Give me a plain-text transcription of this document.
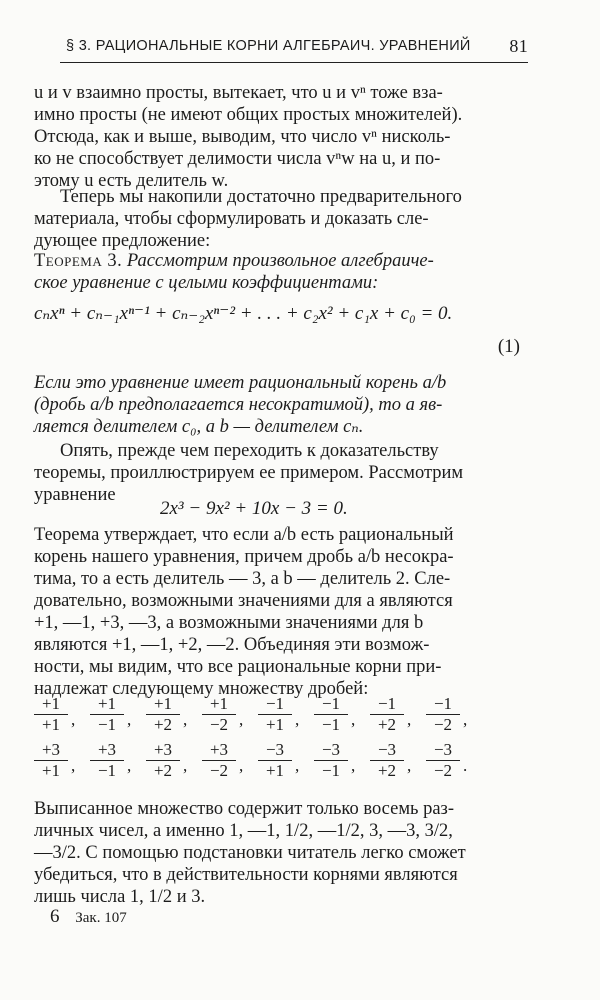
§ 3. РАЦИОНАЛЬНЫЕ КОРНИ АЛГЕБРАИЧ. УРАВНЕНИЙ 81
u и v взаимно просты, вытекает, что u и vⁿ тоже вза-
имно просты (не имеют общих простых множителей).
Отсюда, как и выше, выводим, что число vⁿ нисколь-
ко не способствует делимости числа vⁿw на u, и по-
этому u есть делитель w.
Теперь мы накопили достаточно предварительного
материала, чтобы сформулировать и доказать сле-
дующее предложение:
Теорема 3. Рассмотрим произвольное алгебраиче-
ское уравнение с целыми коэффициентами:
cₙxⁿ + cₙ₋₁xⁿ⁻¹ + cₙ₋₂xⁿ⁻² + . . . + c₂x² + c₁x + c₀ = 0.
(1)
Если это уравнение имеет рациональный корень a/b
(дробь a/b предполагается несократимой), то a яв-
ляется делителем c₀, а b — делителем cₙ.
Опять, прежде чем переходить к доказательству
теоремы, проиллюстрируем ее примером. Рассмотрим
уравнение
2x³ − 9x² + 10x − 3 = 0.
Теорема утверждает, что если a/b есть рациональный
корень нашего уравнения, причем дробь a/b несокра-
тима, то a есть делитель — 3, а b — делитель 2. Сле-
довательно, возможными значениями для a являются
+1, —1, +3, —3, а возможными значениями для b
являются +1, —1, +2, —2. Объединяя эти возмож-
ности, мы видим, что все рациональные корни при-
надлежат следующему множеству дробей:
$\frac{+1}{+1}$ , $\frac{+1}{-1}$ , $\frac{+1}{+2}$ , $\frac{+1}{-2}$ , $\frac{-1}{+1}$ , $\frac{-1}{-1}$ , $\frac{-1}{+2}$ , $\frac{-1}{-2}$ ,
$\frac{+3}{+1}$ , $\frac{+3}{-1}$ , $\frac{+3}{+2}$ , $\frac{+3}{-2}$ , $\frac{-3}{+1}$ , $\frac{-3}{-1}$ , $\frac{-3}{+2}$ , $\frac{-3}{-2}$ .
Выписанное множество содержит только восемь раз-
личных чисел, а именно 1, —1, 1/2, —1/2, 3, —3, 3/2,
—3/2. С помощью подстановки читатель легко сможет
убедиться, что в действительности корнями являются
лишь числа 1, 1/2 и 3.
6 Зак. 107
